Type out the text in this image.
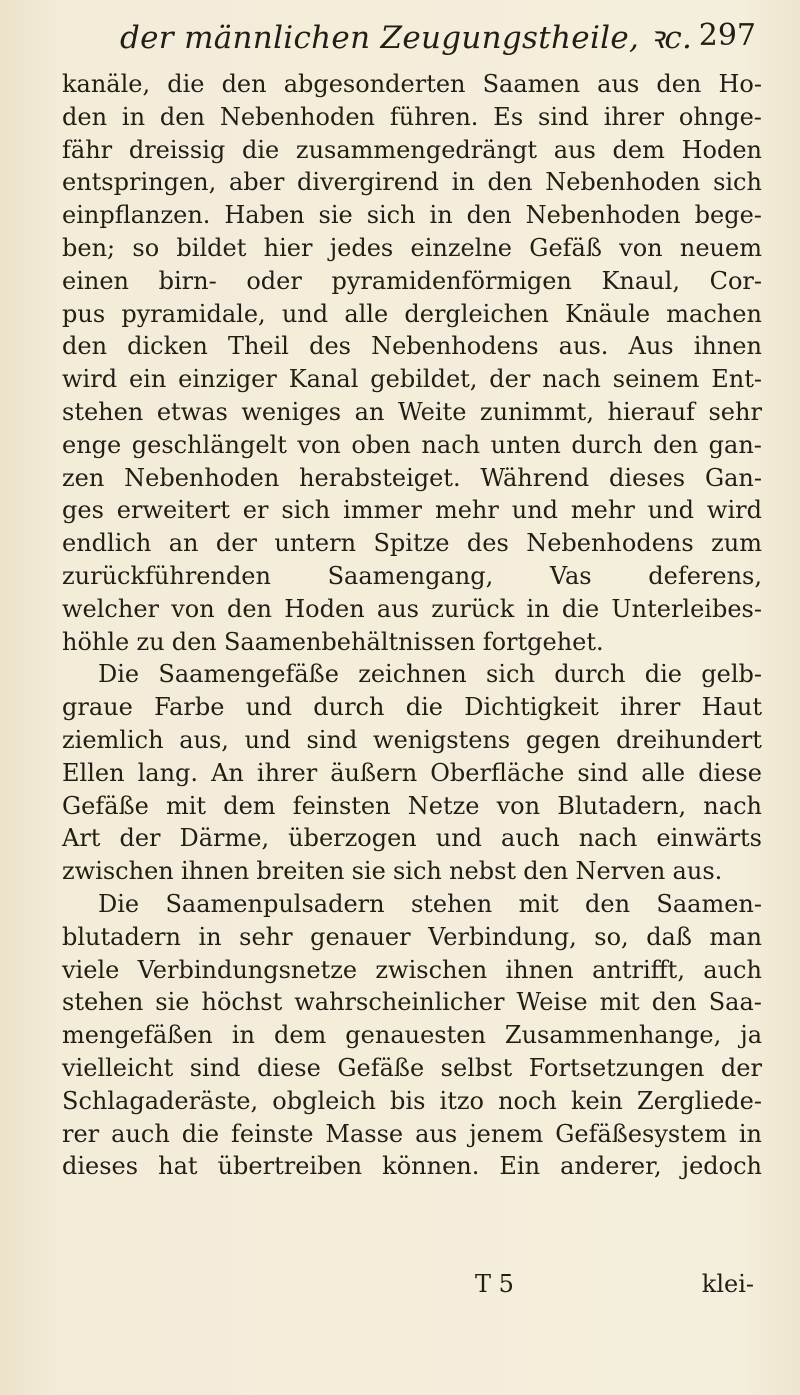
der männlichen Zeugungstheile, ꝛc. 297
kanäle, die den abgesonderten Saamen aus den Ho-
den in den Nebenhoden führen. Es sind ihrer ohnge-
fähr dreissig die zusammengedrängt aus dem Hoden
entspringen, aber divergirend in den Nebenhoden sich
einpflanzen. Haben sie sich in den Nebenhoden bege-
ben; so bildet hier jedes einzelne Gefäß von neuem
einen birn- oder pyramidenförmigen Knaul, Cor-
pus pyramidale, und alle dergleichen Knäule machen
den dicken Theil des Nebenhodens aus. Aus ihnen
wird ein einziger Kanal gebildet, der nach seinem Ent-
stehen etwas weniges an Weite zunimmt, hierauf sehr
enge geschlängelt von oben nach unten durch den gan-
zen Nebenhoden herabsteiget. Während dieses Gan-
ges erweitert er sich immer mehr und mehr und wird
endlich an der untern Spitze des Nebenhodens zum
zurückführenden Saamengang, Vas deferens,
welcher von den Hoden aus zurück in die Unterleibes-
höhle zu den Saamenbehältnissen fortgehet.
Die Saamengefäße zeichnen sich durch die gelb-
graue Farbe und durch die Dichtigkeit ihrer Haut
ziemlich aus, und sind wenigstens gegen dreihundert
Ellen lang. An ihrer äußern Oberfläche sind alle diese
Gefäße mit dem feinsten Netze von Blutadern, nach
Art der Därme, überzogen und auch nach einwärts
zwischen ihnen breiten sie sich nebst den Nerven aus.
Die Saamenpulsadern stehen mit den Saamen-
blutadern in sehr genauer Verbindung, so, daß man
viele Verbindungsnetze zwischen ihnen antrifft, auch
stehen sie höchst wahrscheinlicher Weise mit den Saa-
mengefäßen in dem genauesten Zusammenhange, ja
vielleicht sind diese Gefäße selbst Fortsetzungen der
Schlagaderäste, obgleich bis itzo noch kein Zergliede-
rer auch die feinste Masse aus jenem Gefäßesystem in
dieses hat übertreiben können. Ein anderer, jedoch
T 5	klei-
